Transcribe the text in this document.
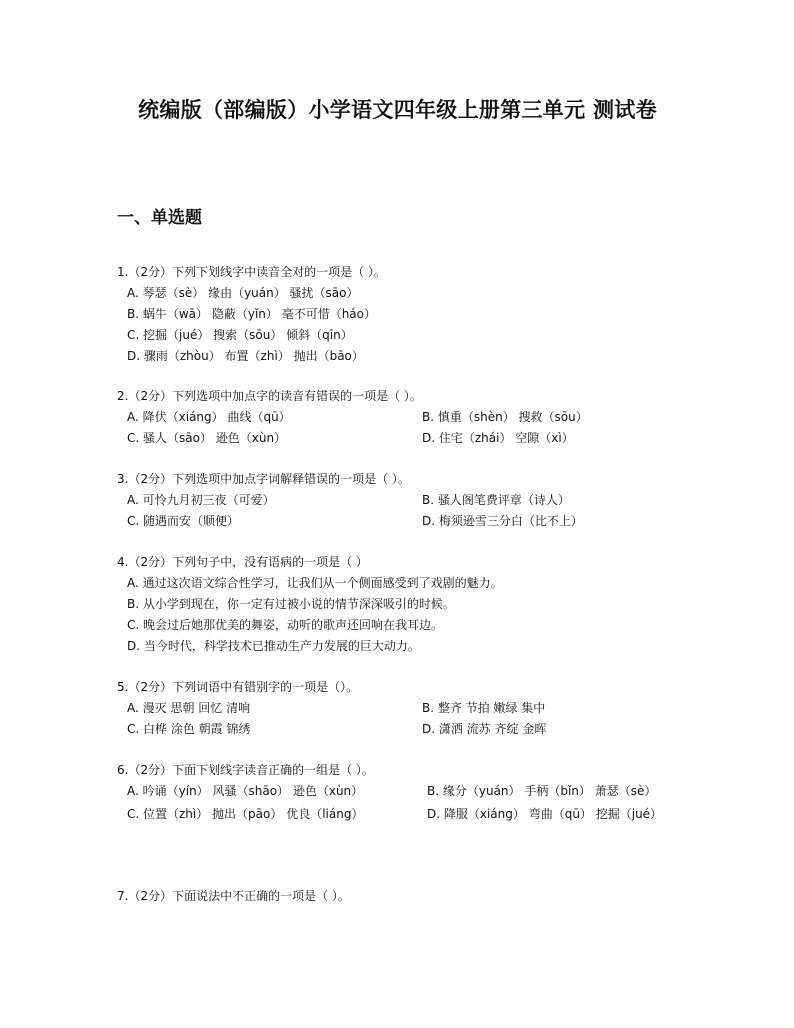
统编版（部编版）小学语文四年级上册第三单元 测试卷
一、单选题
1.（2分）下列下划线字中读音全对的一项是（ ）。
A. 琴瑟（sè） 缘由（yuán） 骚扰（sāo）
B. 蜗牛（wā） 隐蔽（yǐn） 毫不可惜（háo）
C. 挖掘（jué） 搜索（sōu） 倾斜（qīn）
D. 骤雨（zhòu） 布置（zhì） 抛出（bāo）
2.（2分）下列选项中加点字的读音有错误的一项是（ ）。
A. 降伏（xiáng） 曲线（qū）	B. 慎重（shèn） 搜救（sōu）
C. 骚人（sāo） 逊色（xùn）	D. 住宅（zhái） 空隙（xì）
3.（2分）下列选项中加点字词解释错误的一项是（ ）。
A. 可怜九月初三夜（可爱）	B. 骚人阁笔费评章（诗人）
C. 随遇而安（顺便）	D. 梅须逊雪三分白（比不上）
4.（2分）下列句子中，没有语病的一项是（ ）
A. 通过这次语文综合性学习，让我们从一个侧面感受到了戏剧的魅力。
B. 从小学到现在，你一定有过被小说的情节深深吸引的时候。
C. 晚会过后她那优美的舞姿，动听的歌声还回响在我耳边。
D. 当今时代，科学技术已推动生产力发展的巨大动力。
5.（2分）下列词语中有错别字的一项是（）。
A. 漫灭 思朝 回忆 清响	B. 整齐 节拍 嫩绿 集中
C. 白桦 涂色 朝霞 锦绣	D. 潇洒 流苏 齐绽 金晖
6.（2分）下面下划线字读音正确的一组是（ ）。
A. 吟诵（yín） 风骚（shāo） 逊色（xùn）	B. 缘分（yuán） 手柄（bǐn） 萧瑟（sè）
C. 位置（zhì） 抛出（pāo） 优良（liáng）	D. 降服（xiáng） 弯曲（qū） 挖掘（jué）
7.（2分）下面说法中不正确的一项是（ ）。
